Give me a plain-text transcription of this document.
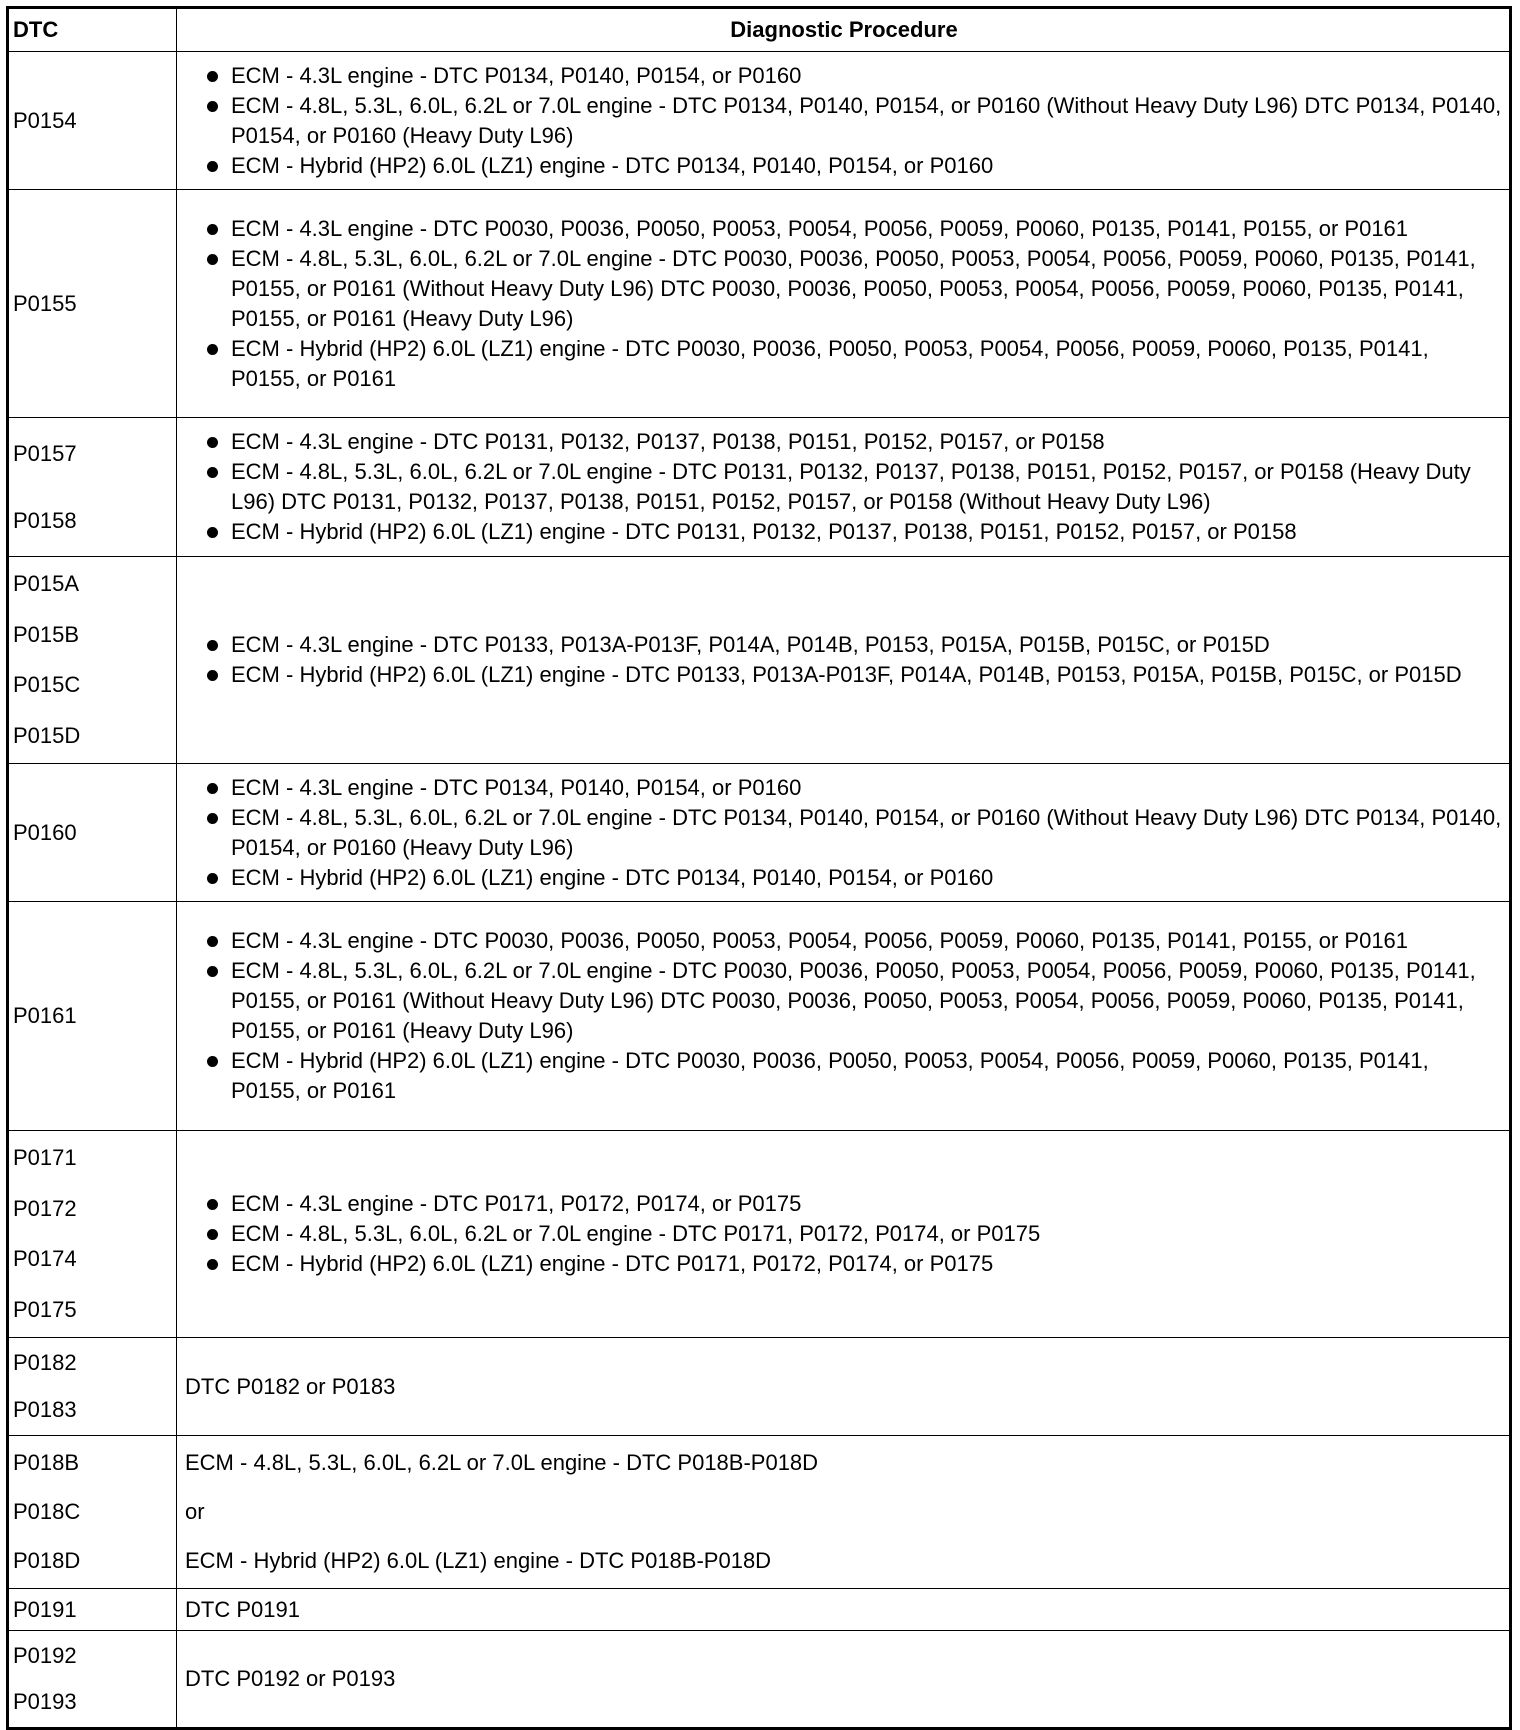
DTC	Diagnostic Procedure
P0154
ECM - 4.3L engine - DTC P0134, P0140, P0154, or P0160
ECM - 4.8L, 5.3L, 6.0L, 6.2L or 7.0L engine - DTC P0134, P0140, P0154, or P0160 (Without Heavy Duty L96) DTC P0134, P0140, P0154, or P0160 (Heavy Duty L96)
ECM - Hybrid (HP2) 6.0L (LZ1) engine - DTC P0134, P0140, P0154, or P0160
P0155
ECM - 4.3L engine - DTC P0030, P0036, P0050, P0053, P0054, P0056, P0059, P0060, P0135, P0141, P0155, or P0161
ECM - 4.8L, 5.3L, 6.0L, 6.2L or 7.0L engine - DTC P0030, P0036, P0050, P0053, P0054, P0056, P0059, P0060, P0135, P0141, P0155, or P0161 (Without Heavy Duty L96) DTC P0030, P0036, P0050, P0053, P0054, P0056, P0059, P0060, P0135, P0141, P0155, or P0161 (Heavy Duty L96)
ECM - Hybrid (HP2) 6.0L (LZ1) engine - DTC P0030, P0036, P0050, P0053, P0054, P0056, P0059, P0060, P0135, P0141, P0155, or P0161
P0157
P0158
ECM - 4.3L engine - DTC P0131, P0132, P0137, P0138, P0151, P0152, P0157, or P0158
ECM - 4.8L, 5.3L, 6.0L, 6.2L or 7.0L engine - DTC P0131, P0132, P0137, P0138, P0151, P0152, P0157, or P0158 (Heavy Duty L96) DTC P0131, P0132, P0137, P0138, P0151, P0152, P0157, or P0158 (Without Heavy Duty L96)
ECM - Hybrid (HP2) 6.0L (LZ1) engine - DTC P0131, P0132, P0137, P0138, P0151, P0152, P0157, or P0158
P015A
P015B
P015C
P015D
ECM - 4.3L engine - DTC P0133, P013A-P013F, P014A, P014B, P0153, P015A, P015B, P015C, or P015D
ECM - Hybrid (HP2) 6.0L (LZ1) engine - DTC P0133, P013A-P013F, P014A, P014B, P0153, P015A, P015B, P015C, or P015D
P0160
ECM - 4.3L engine - DTC P0134, P0140, P0154, or P0160
ECM - 4.8L, 5.3L, 6.0L, 6.2L or 7.0L engine - DTC P0134, P0140, P0154, or P0160 (Without Heavy Duty L96) DTC P0134, P0140, P0154, or P0160 (Heavy Duty L96)
ECM - Hybrid (HP2) 6.0L (LZ1) engine - DTC P0134, P0140, P0154, or P0160
P0161
ECM - 4.3L engine - DTC P0030, P0036, P0050, P0053, P0054, P0056, P0059, P0060, P0135, P0141, P0155, or P0161
ECM - 4.8L, 5.3L, 6.0L, 6.2L or 7.0L engine - DTC P0030, P0036, P0050, P0053, P0054, P0056, P0059, P0060, P0135, P0141, P0155, or P0161 (Without Heavy Duty L96) DTC P0030, P0036, P0050, P0053, P0054, P0056, P0059, P0060, P0135, P0141, P0155, or P0161 (Heavy Duty L96)
ECM - Hybrid (HP2) 6.0L (LZ1) engine - DTC P0030, P0036, P0050, P0053, P0054, P0056, P0059, P0060, P0135, P0141, P0155, or P0161
P0171
P0172
P0174
P0175
ECM - 4.3L engine - DTC P0171, P0172, P0174, or P0175
ECM - 4.8L, 5.3L, 6.0L, 6.2L or 7.0L engine - DTC P0171, P0172, P0174, or P0175
ECM - Hybrid (HP2) 6.0L (LZ1) engine - DTC P0171, P0172, P0174, or P0175
P0182
P0183
DTC P0182 or P0183
P018B
P018C
P018D
ECM - 4.8L, 5.3L, 6.0L, 6.2L or 7.0L engine - DTC P018B-P018D
or
ECM - Hybrid (HP2) 6.0L (LZ1) engine - DTC P018B-P018D
P0191	DTC P0191
P0192
P0193
DTC P0192 or P0193
